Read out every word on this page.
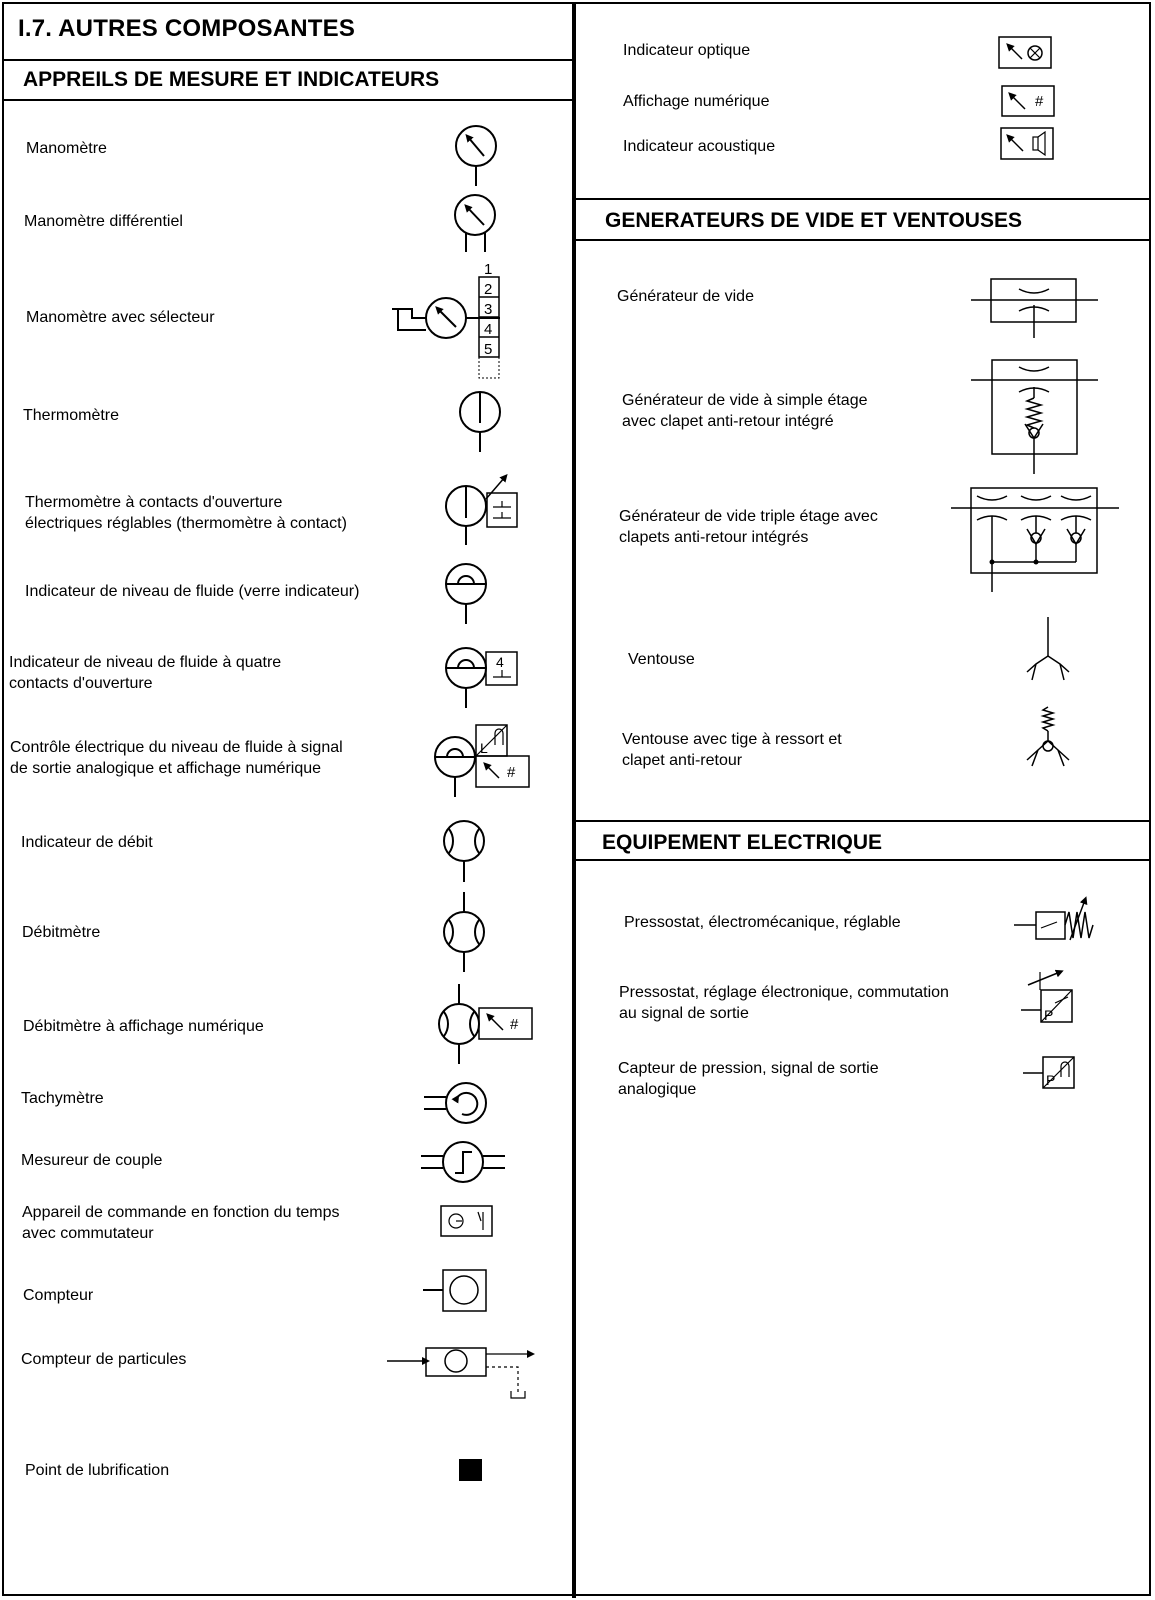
I.7. AUTRES COMPOSANTES
APPREILS DE MESURE ET INDICATEURS
Manomètre
Manomètre différentiel
Manomètre avec sélecteur
Thermomètre
Thermomètre à contacts d'ouverture
électriques réglables (thermomètre à contact)
Indicateur de niveau de fluide (verre indicateur)
Indicateur de niveau de fluide à quatre
contacts d'ouverture
Contrôle électrique du niveau de fluide à signal
de sortie analogique et affichage numérique
Indicateur de débit
Débitmètre
Débitmètre à affichage numérique
Tachymètre
Mesureur de couple
Appareil de commande en fonction du temps
avec commutateur
Compteur
Compteur de particules
Point de lubrification
1
2
3
4
5
4
L
#
#
#
P
P
Indicateur optique
Affichage numérique
Indicateur acoustique
GENERATEURS DE VIDE ET VENTOUSES
Générateur de vide
Générateur de vide à simple étage
avec clapet anti-retour intégré
Générateur de vide triple étage avec
clapets anti-retour intégrés
Ventouse
Ventouse avec tige à ressort et
clapet anti-retour
EQUIPEMENT ELECTRIQUE
Pressostat, électromécanique, réglable
Pressostat, réglage électronique, commutation
au signal de sortie
Capteur de pression, signal de sortie
analogique
